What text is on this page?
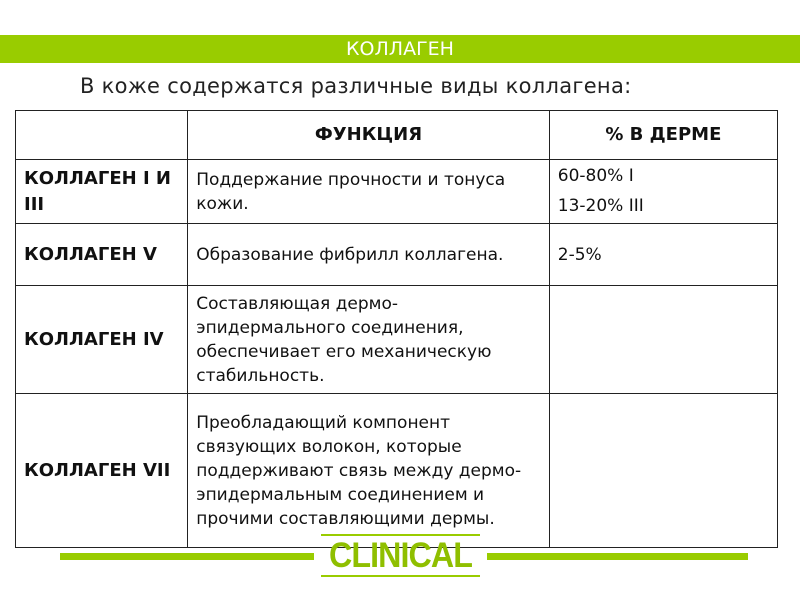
КОЛЛАГЕН
В коже содержатся различные виды коллагена:
	ФУНКЦИЯ	% В ДЕРМЕ
КОЛЛАГЕН I И III	Поддержание прочности и тонуса кожи.	60-80% I
13-20% III

КОЛЛАГЕН V	Образование фибрилл коллагена.	2-5%

КОЛЛАГЕН IV	Составляющая дермо-эпидермального соединения, обеспечивает его механическую стабильность.	
КОЛЛАГЕН VII	Преобладающий компонент связующих волокон, которые поддерживают связь между дермо-эпидермальным соединением и прочими составляющими дермы.	
CLINICAL
